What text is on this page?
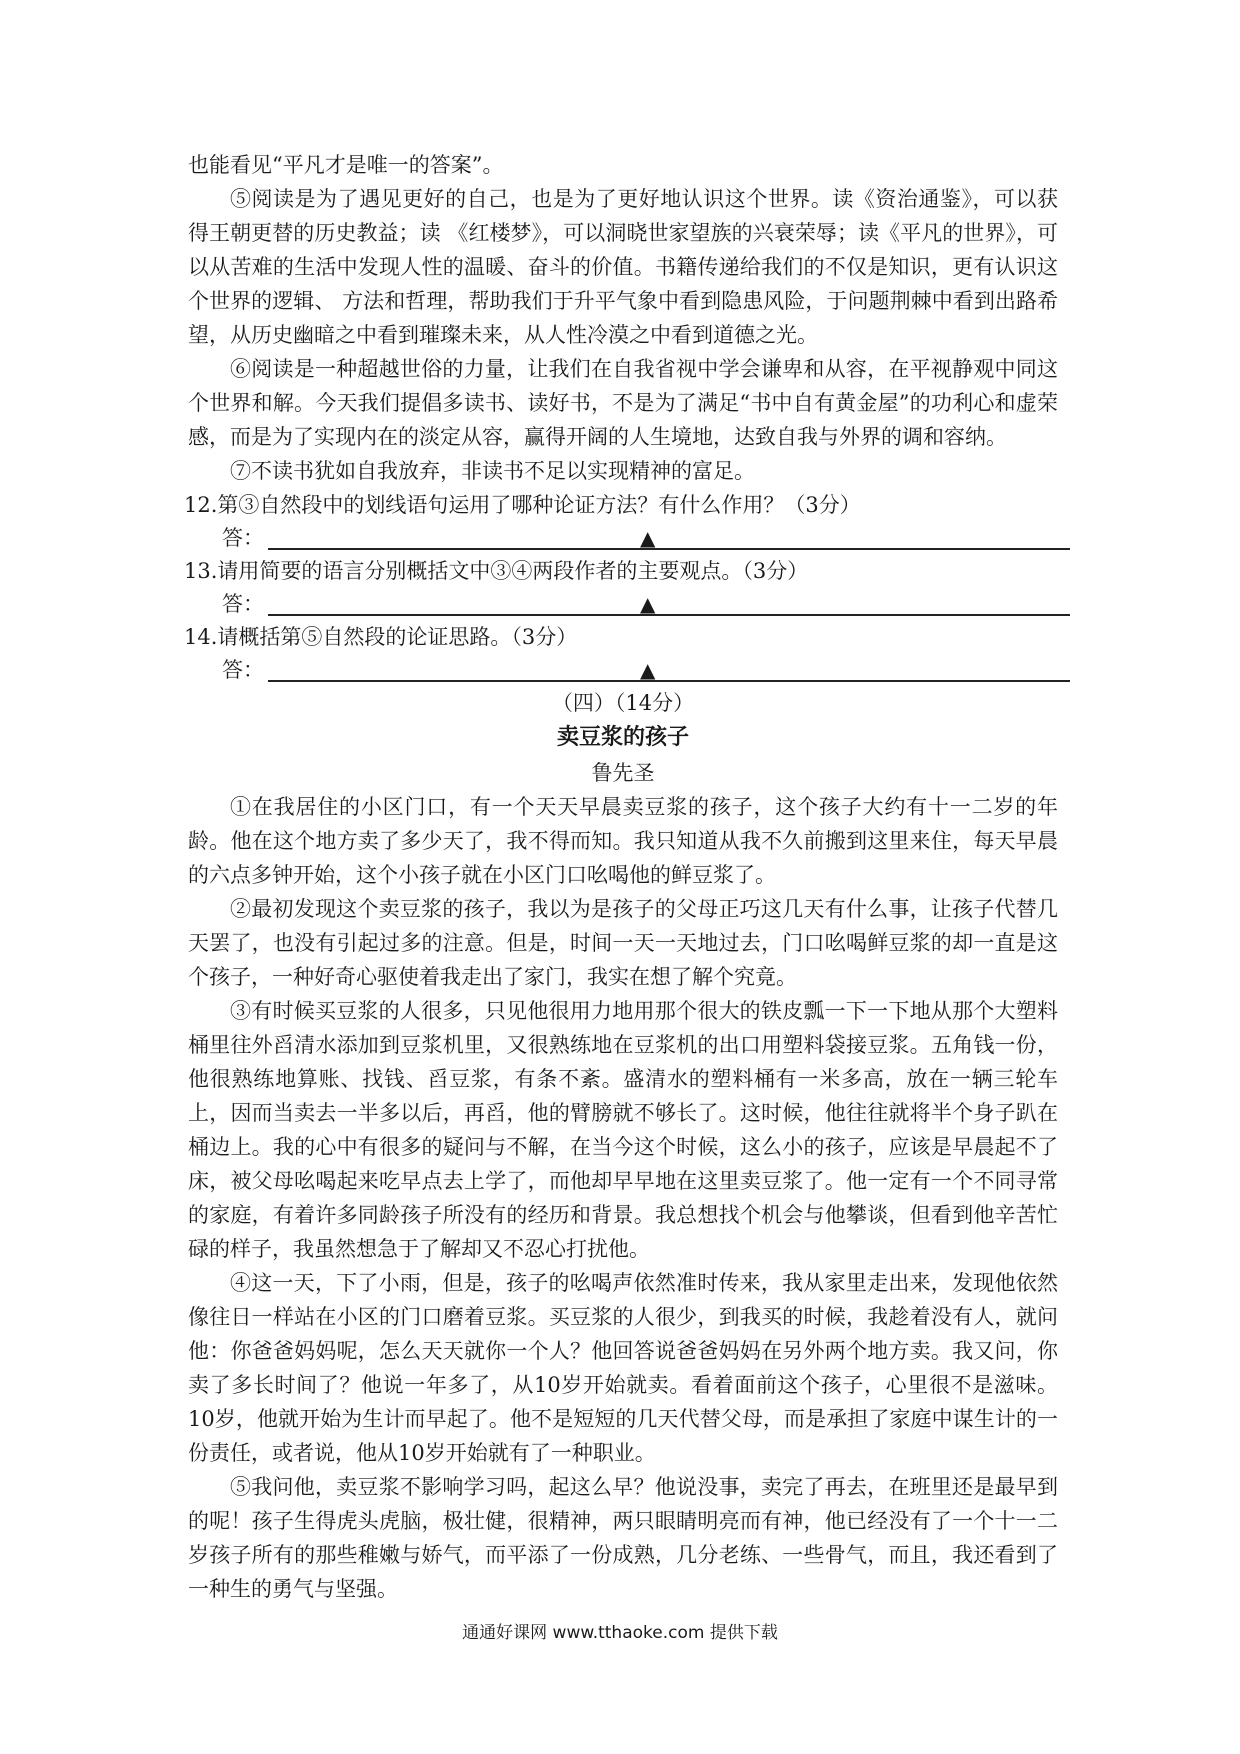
也能看见“平凡才是唯一的答案”。

⑤阅读是为了遇见更好的自己，也是为了更好地认识这个世界。读《资治通鉴》，可以获得王朝更替的历史教益；读 《红楼梦》，可以洞晓世家望族的兴衰荣辱；读《平凡的世界》，可以从苦难的生活中发现人性的温暖、奋斗的价值。书籍传递给我们的不仅是知识，更有认识这个世界的逻辑、 方法和哲理，帮助我们于升平气象中看到隐患风险，于问题荆棘中看到出路希望，从历史幽暗之中看到璀璨未来，从人性冷漠之中看到道德之光。

⑥阅读是一种超越世俗的力量，让我们在自我省视中学会谦卑和从容，在平视静观中同这个世界和解。今天我们提倡多读书、读好书，不是为了满足“书中自有黄金屋”的功利心和虚荣感，而是为了实现内在的淡定从容，赢得开阔的人生境地，达致自我与外界的调和容纳。

⑦不读书犹如自我放弃，非读书不足以实现精神的富足。

12.第③自然段中的划线语句运用了哪种论证方法？有什么作用？（3分）

答：	▲

13.请用简要的语言分别概括文中③④两段作者的主要观点。（3分）

答：	▲

14.请概括第⑤自然段的论证思路。（3分）

答：	▲

（四）（14分）

卖豆浆的孩子

鲁先圣

①在我居住的小区门口，有一个天天早晨卖豆浆的孩子，这个孩子大约有十一二岁的年龄。他在这个地方卖了多少天了，我不得而知。我只知道从我不久前搬到这里来住，每天早晨的六点多钟开始，这个小孩子就在小区门口吆喝他的鲜豆浆了。

②最初发现这个卖豆浆的孩子，我以为是孩子的父母正巧这几天有什么事，让孩子代替几天罢了，也没有引起过多的注意。但是，时间一天一天地过去，门口吆喝鲜豆浆的却一直是这个孩子，一种好奇心驱使着我走出了家门，我实在想了解个究竟。

③有时候买豆浆的人很多，只见他很用力地用那个很大的铁皮瓢一下一下地从那个大塑料桶里往外舀清水添加到豆浆机里，又很熟练地在豆浆机的出口用塑料袋接豆浆。五角钱一份，他很熟练地算账、找钱、舀豆浆，有条不紊。盛清水的塑料桶有一米多高，放在一辆三轮车上，因而当卖去一半多以后，再舀，他的臂膀就不够长了。这时候，他往往就将半个身子趴在桶边上。我的心中有很多的疑问与不解，在当今这个时候，这么小的孩子，应该是早晨起不了床，被父母吆喝起来吃早点去上学了，而他却早早地在这里卖豆浆了。他一定有一个不同寻常的家庭，有着许多同龄孩子所没有的经历和背景。我总想找个机会与他攀谈，但看到他辛苦忙碌的样子，我虽然想急于了解却又不忍心打扰他。

④这一天，下了小雨，但是，孩子的吆喝声依然准时传来，我从家里走出来，发现他依然像往日一样站在小区的门口磨着豆浆。买豆浆的人很少，到我买的时候，我趁着没有人，就问他：你爸爸妈妈呢，怎么天天就你一个人？他回答说爸爸妈妈在另外两个地方卖。我又问，你卖了多长时间了？他说一年多了，从10岁开始就卖。看着面前这个孩子，心里很不是滋味。10岁，他就开始为生计而早起了。他不是短短的几天代替父母，而是承担了家庭中谋生计的一份责任，或者说，他从10岁开始就有了一种职业。

⑤我问他，卖豆浆不影响学习吗，起这么早？他说没事，卖完了再去，在班里还是最早到的呢！孩子生得虎头虎脑，极壮健，很精神，两只眼睛明亮而有神，他已经没有了一个十一二岁孩子所有的那些稚嫩与娇气，而平添了一份成熟，几分老练、一些骨气，而且，我还看到了一种生的勇气与坚强。

通通好课网 www.tthaoke.com 提供下载
